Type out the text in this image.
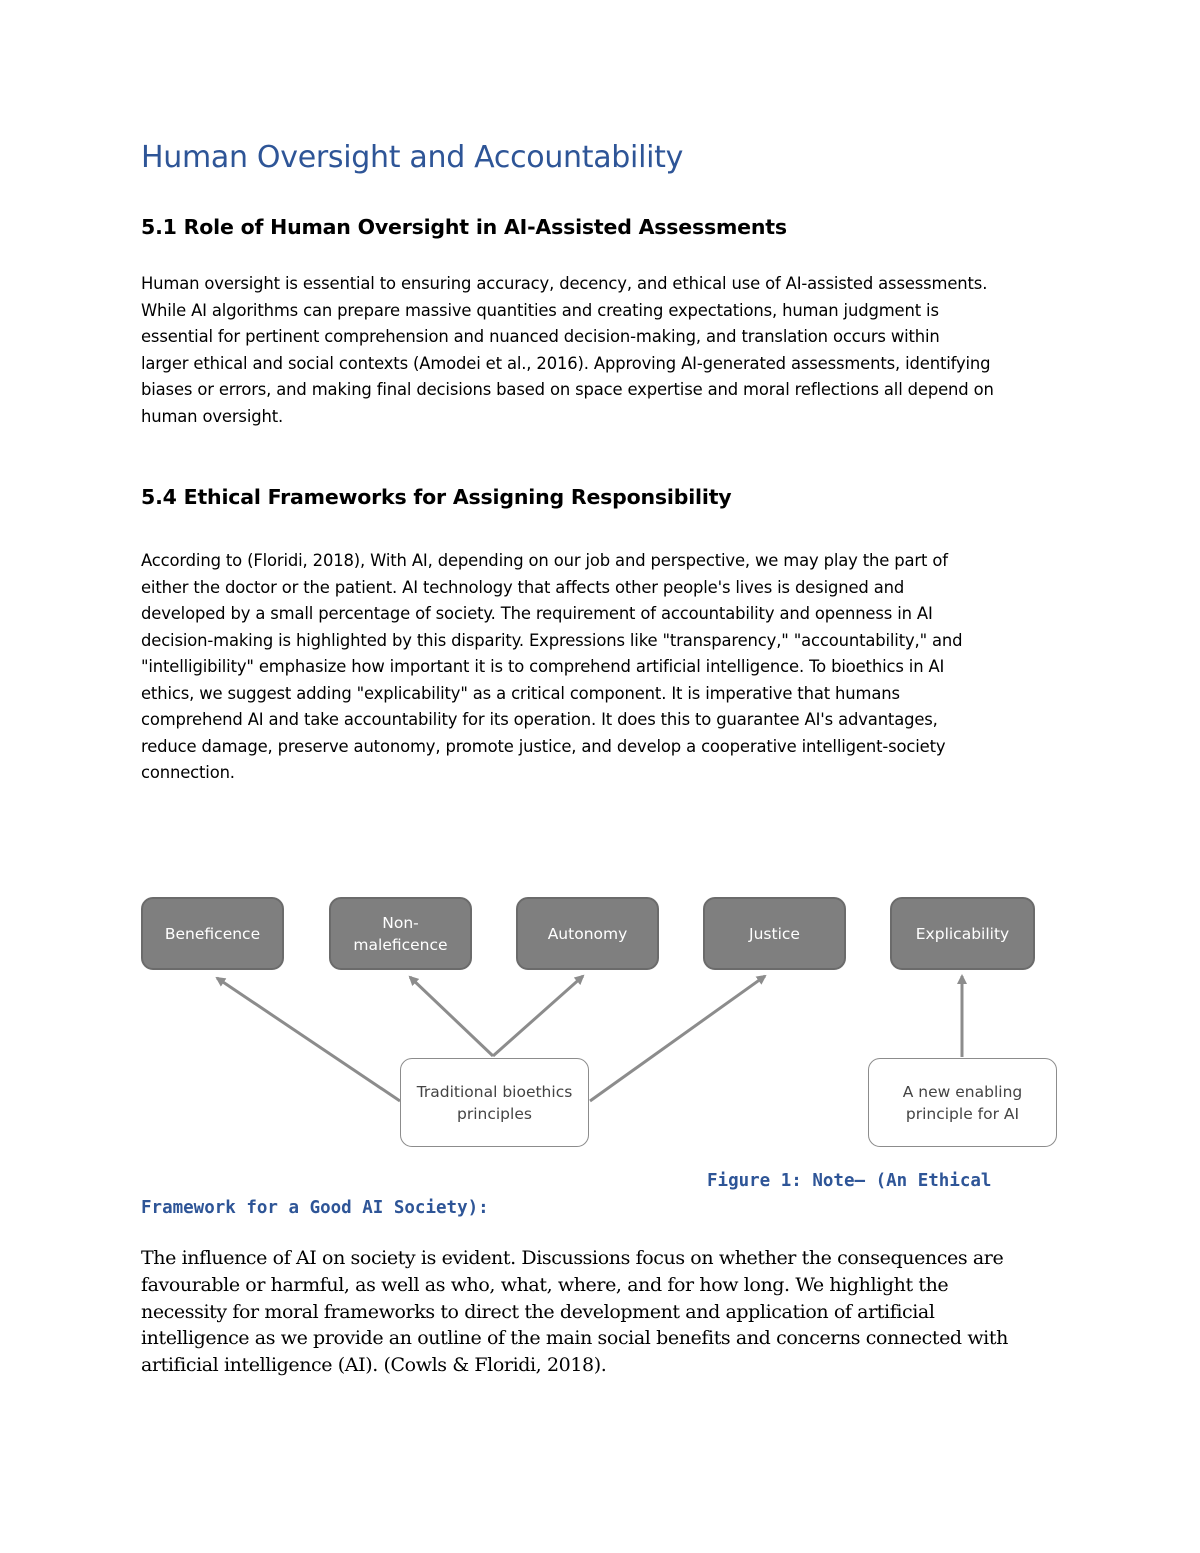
Human Oversight and Accountability
5.1 Role of Human Oversight in AI-Assisted Assessments

Human oversight is essential to ensuring accuracy, decency, and ethical use of AI-assisted assessments.
While AI algorithms can prepare massive quantities and creating expectations, human judgment is
essential for pertinent comprehension and nuanced decision-making, and translation occurs within
larger ethical and social contexts (Amodei et al., 2016). Approving AI-generated assessments, identifying
biases or errors, and making final decisions based on space expertise and moral reflections all depend on
human oversight.

5.4 Ethical Frameworks for Assigning Responsibility

According to (Floridi, 2018), With AI, depending on our job and perspective, we may play the part of
either the doctor or the patient. AI technology that affects other people's lives is designed and
developed by a small percentage of society. The requirement of accountability and openness in AI
decision-making is highlighted by this disparity. Expressions like "transparency," "accountability," and
"intelligibility" emphasize how important it is to comprehend artificial intelligence. To bioethics in AI
ethics, we suggest adding "explicability" as a critical component. It is imperative that humans
comprehend AI and take accountability for its operation. It does this to guarantee AI's advantages,
reduce damage, preserve autonomy, promote justice, and develop a cooperative intelligent-society
connection.

Beneficence
Non-
maleficence
Autonomy	Justice	Explicability
Traditional bioethics
principles
A new enabling
principle for AI

Figure 1: Note— (An Ethical

Framework for a Good AI Society):

The influence of AI on society is evident. Discussions focus on whether the consequences are
favourable or harmful, as well as who, what, where, and for how long. We highlight the
necessity for moral frameworks to direct the development and application of artificial
intelligence as we provide an outline of the main social benefits and concerns connected with
artificial intelligence (AI). (Cowls & Floridi, 2018).
